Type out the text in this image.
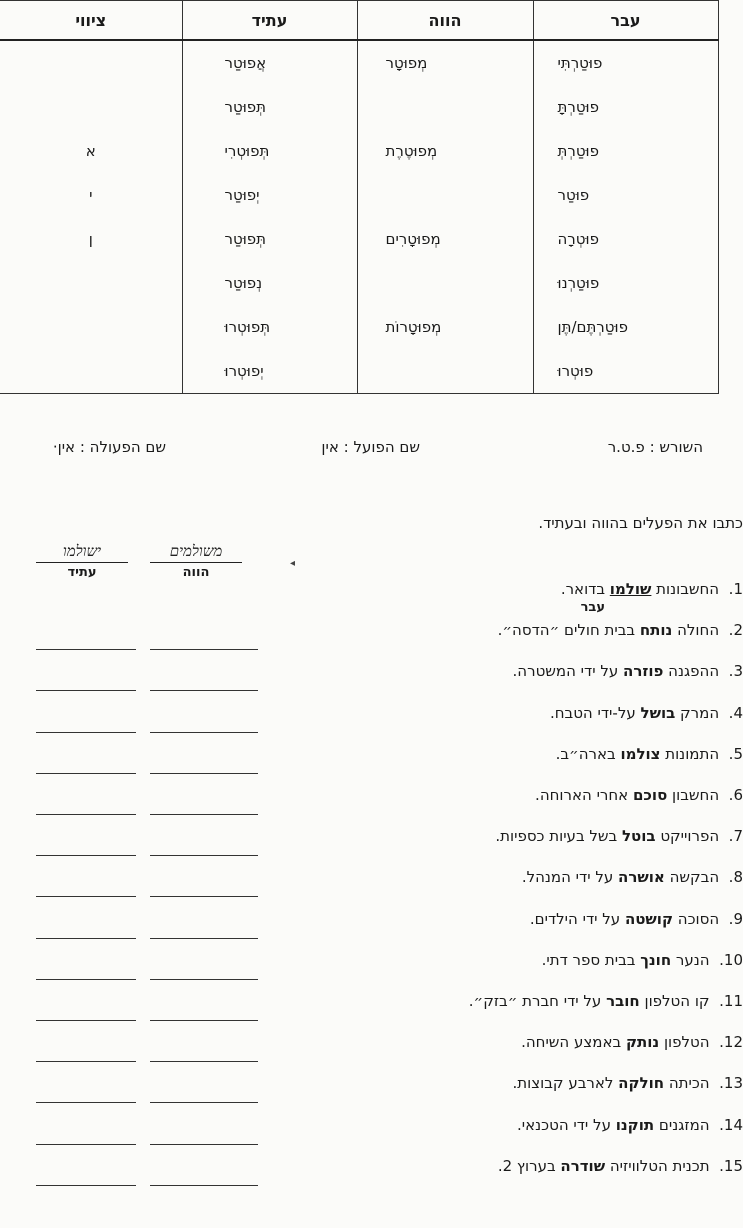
עבר	הווה	עתיד	ציווי
פוּטַרְתִּי	מְפוּטָר	אֲפוּטַר	
פוּטַרְתָּ		תְּפוּטַר	
פוּטַרְתְּ	מְפוּטֶרֶת	תְּפוּטְרִי	א
פוּטַר		יְפוּטַר	י
פוּטְרָה	מְפוּטָרִים	תְּפוּטַר	ן
פוּטַרְנוּ		נְפוּטַר	
פוּטַרְתֶּם/תֶּן	מְפוּטָרוֹת	תְּפוּטְרוּ	
פוּטְרוּ		יְפוּטְרוּ	
השורש : פ.ט.ר
שם הפועל : אין
שם הפעולה : אין·
כתבו את הפעלים בהווה ובעתיד.
משולמים
הווה
ישולמו
עתיד
◂
1.  החשבונות שולמו בדואר.
עבר
2.  החולה נותח בבית חולים ״הדסה״.
3.  ההפגנה פוזרה על ידי המשטרה.
4.  המרק בושל על-ידי הטבח.
5.  התמונות צולמו בארה״ב.
6.  החשבון סוכם אחרי הארוחה.
7.  הפרוייקט בוטל בשל בעיות כספיות.
8.  הבקשה אושרה על ידי המנהל.
9.  הסוכה קושטה על ידי הילדים.
10.  הנער חונך בבית ספר דתי.
11.  קו הטלפון חובר על ידי חברת ״בזק״.
12.  הטלפון נותק באמצע השיחה.
13.  הכיתה חולקה לארבע קבוצות.
14.  המזגנים תוקנו על ידי הטכנאי.
15.  תכנית הטלוויזיה שודרה בערוץ 2.
